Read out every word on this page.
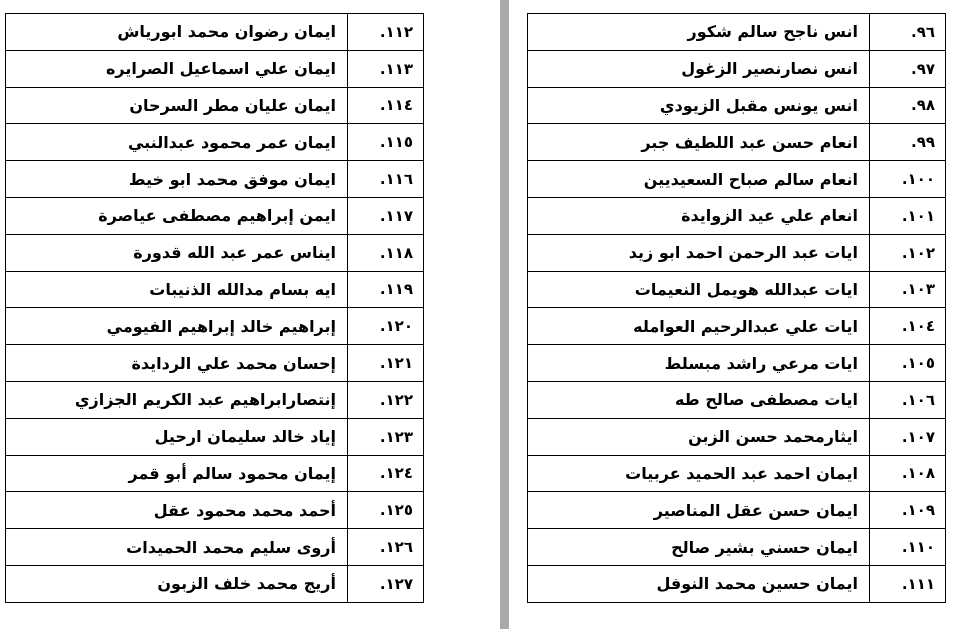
ايمان رضوان محمد ابورياش	١١٢.
ايمان علي اسماعيل الصرايره	١١٣.
ايمان عليان مطر السرحان	١١٤.
ايمان عمر محمود عبدالنبي	١١٥.
ايمان موفق محمد ابو خيط	١١٦.
ايمن إبراهيم مصطفى عياصرة	١١٧.
ايناس عمر عبد الله قدورة	١١٨.
ايه بسام مدالله الذنيبات	١١٩.
إبراهيم خالد إبراهيم الفيومي	١٢٠.
إحسان محمد علي الردايدة	١٢١.
إنتصارابراهيم عبد الكريم الجزازي	١٢٢.
إياد خالد سليمان ارحيل	١٢٣.
إيمان محمود سالم أبو قمر	١٢٤.
أحمد محمد محمود عقل	١٢٥.
أروى سليم محمد الحميدات	١٢٦.
أريج محمد خلف الزبون	١٢٧.
انس ناجح سالم شكور	٩٦.
انس نصارنصير الزغول	٩٧.
انس يونس مقبل الزيودي	٩٨.
انعام حسن عبد اللطيف جبر	٩٩.
انعام سالم صباح السعيديين	١٠٠.
انعام علي عيد الزوايدة	١٠١.
ايات عبد الرحمن احمد ابو زيد	١٠٢.
ايات عبدالله هويمل النعيمات	١٠٣.
ايات علي عبدالرحيم العوامله	١٠٤.
ايات مرعي راشد مبسلط	١٠٥.
ايات مصطفى صالح طه	١٠٦.
ايثارمحمد حسن الزبن	١٠٧.
ايمان احمد عبد الحميد عربيات	١٠٨.
ايمان حسن عقل المناصير	١٠٩.
ايمان حسني بشير صالح	١١٠.
ايمان حسين محمد النوفل	١١١.
